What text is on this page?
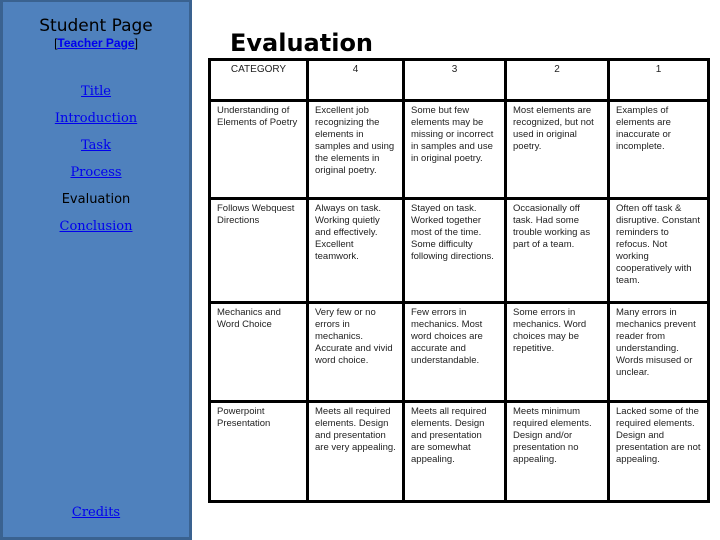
Student Page
[Teacher Page]
Title
Introduction
Task
Process
Evaluation
Conclusion
Credits
Evaluation
CATEGORY	4	3	2	1
Understanding of Elements of Poetry	Excellent job recognizing the elements in samples and using the elements in original poetry.	Some but few elements may be missing or incorrect in samples and use in original poetry.	Most elements are recognized, but not used in original poetry.	Examples of elements are inaccurate or incomplete.
Follows Webquest Directions	Always on task. Working quietly and effectively. Excellent teamwork.	Stayed on task. Worked together most of the time. Some difficulty following directions.	Occasionally off task. Had some trouble working as part of a team.	Often off task & disruptive. Constant reminders to refocus. Not working cooperatively with team.
Mechanics and Word Choice	Very few or no errors in mechanics. Accurate and vivid word choice.	Few errors in mechanics. Most word choices are accurate and understandable.	Some errors in mechanics. Word choices may be repetitive.	Many errors in mechanics prevent reader from understanding. Words misused or unclear.
Powerpoint Presentation	Meets all required elements. Design and presentation are very appealing.	Meets all required elements. Design and presentation are somewhat appealing.	Meets minimum required elements. Design and/or presentation no appealing.	Lacked some of the required elements. Design and presentation are not appealing.
